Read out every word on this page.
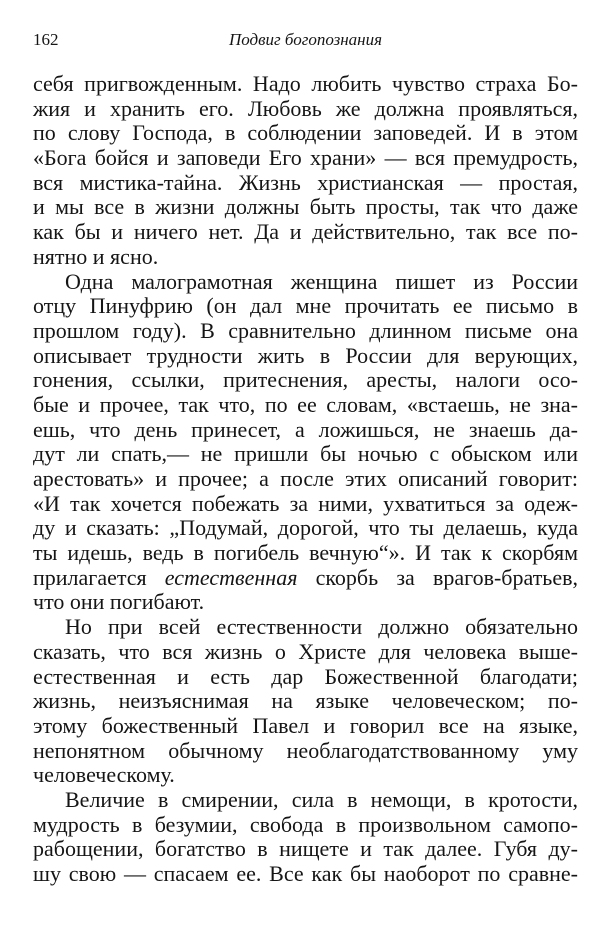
162	Подвиг богопознания
себя пригвожденным. Надо любить чувство страха Бо-
жия и хранить его. Любовь же должна проявляться,
по слову Господа, в соблюдении заповедей. И в этом
«Бога бойся и заповеди Его храни» — вся премудрость,
вся мистика-тайна. Жизнь христианская — простая,
и мы все в жизни должны быть просты, так что даже
как бы и ничего нет. Да и действительно, так все по-
нятно и ясно.
Одна малограмотная женщина пишет из России
отцу Пинуфрию (он дал мне прочитать ее письмо в
прошлом году). В сравнительно длинном письме она
описывает трудности жить в России для верующих,
гонения, ссылки, притеснения, аресты, налоги осо-
бые и прочее, так что, по ее словам, «встаешь, не зна-
ешь, что день принесет, а ложишься, не знаешь да-
дут ли спать,— не пришли бы ночью с обыском или
арестовать» и прочее; а после этих описаний говорит:
«И так хочется побежать за ними, ухватиться за одеж-
ду и сказать: „Подумай, дорогой, что ты делаешь, куда
ты идешь, ведь в погибель вечную“». И так к скорбям
прилагается естественная скорбь за врагов-братьев,
что они погибают.
Но при всей естественности должно обязательно
сказать, что вся жизнь о Христе для человека выше-
естественная и есть дар Божественной благодати;
жизнь, неизъяснимая на языке человеческом; по-
этому божественный Павел и говорил все на языке,
непонятном обычному необлагодатствованному уму
человеческому.
Величие в смирении, сила в немощи, в кротости,
мудрость в безумии, свобода в произвольном самопо-
рабощении, богатство в нищете и так далее. Губя ду-
шу свою — спасаем ее. Все как бы наоборот по сравне-
